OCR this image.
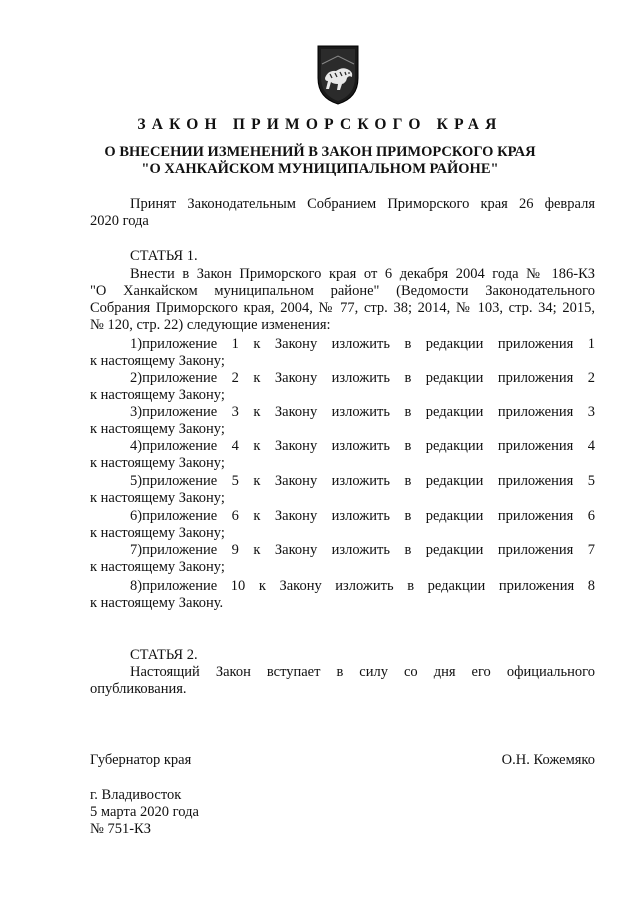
ЗАКОН ПРИМОРСКОГО КРАЯ
О ВНЕСЕНИИ ИЗМЕНЕНИЙ В ЗАКОН ПРИМОРСКОГО КРАЯ
"О ХАНКАЙСКОМ МУНИЦИПАЛЬНОМ РАЙОНЕ"
Принят Законодательным Собранием Приморского края 26 февраля
2020 года
СТАТЬЯ 1.
Внести в Закон Приморского края от 6 декабря 2004 года № 186-КЗ
"О Ханкайском муниципальном районе" (Ведомости Законодательного
Собрания Приморского края, 2004, № 77, стр. 38; 2014, № 103, стр. 34; 2015,
№ 120, стр. 22) следующие изменения:
1)приложение 1 к Закону изложить в редакции приложения 1
к настоящему Закону;
2)приложение 2 к Закону изложить в редакции приложения 2
к настоящему Закону;
3)приложение 3 к Закону изложить в редакции приложения 3
к настоящему Закону;
4)приложение 4 к Закону изложить в редакции приложения 4
к настоящему Закону;
5)приложение 5 к Закону изложить в редакции приложения 5
к настоящему Закону;
6)приложение 6 к Закону изложить в редакции приложения 6
к настоящему Закону;
7)приложение 9 к Закону изложить в редакции приложения 7
к настоящему Закону;
8)приложение 10 к Закону изложить в редакции приложения 8
к настоящему Закону.
СТАТЬЯ 2.
Настоящий Закон вступает в силу со дня его официального
опубликования.
Губернатор края	О.Н. Кожемяко
г. Владивосток
5 марта 2020 года
№ 751-КЗ
